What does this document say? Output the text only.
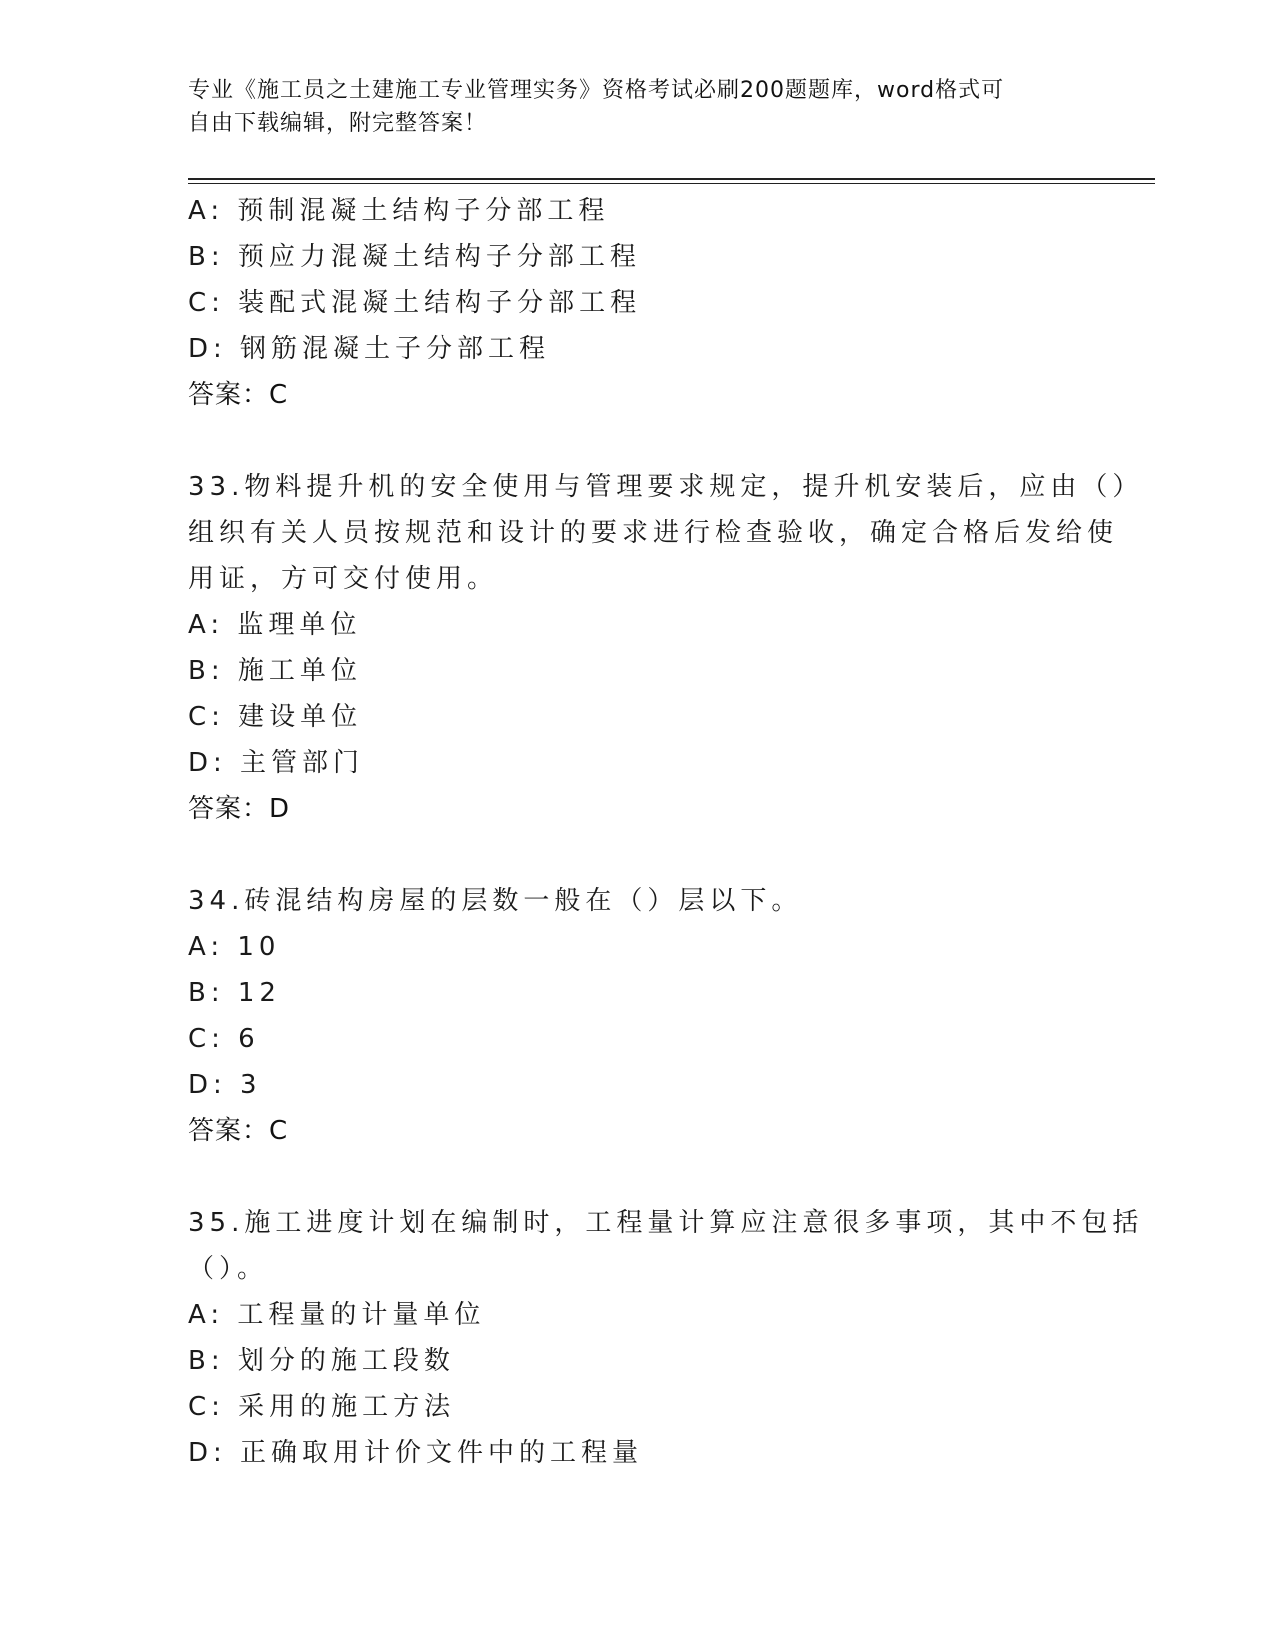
专业《施工员之土建施工专业管理实务》资格考试必刷200题题库，word格式可
自由下载编辑，附完整答案！
A: 预制混凝土结构子分部工程
B: 预应力混凝土结构子分部工程
C: 装配式混凝土结构子分部工程
D: 钢筋混凝土子分部工程
答案：C
33.物料提升机的安全使用与管理要求规定，提升机安装后，应由（）
组织有关人员按规范和设计的要求进行检查验收，确定合格后发给使
用证，方可交付使用。
A: 监理单位
B: 施工单位
C: 建设单位
D: 主管部门
答案：D
34.砖混结构房屋的层数一般在（）层以下。
A: 10
B: 12
C: 6
D: 3
答案：C
35.施工进度计划在编制时，工程量计算应注意很多事项，其中不包括
（）。
A: 工程量的计量单位
B: 划分的施工段数
C: 采用的施工方法
D: 正确取用计价文件中的工程量
